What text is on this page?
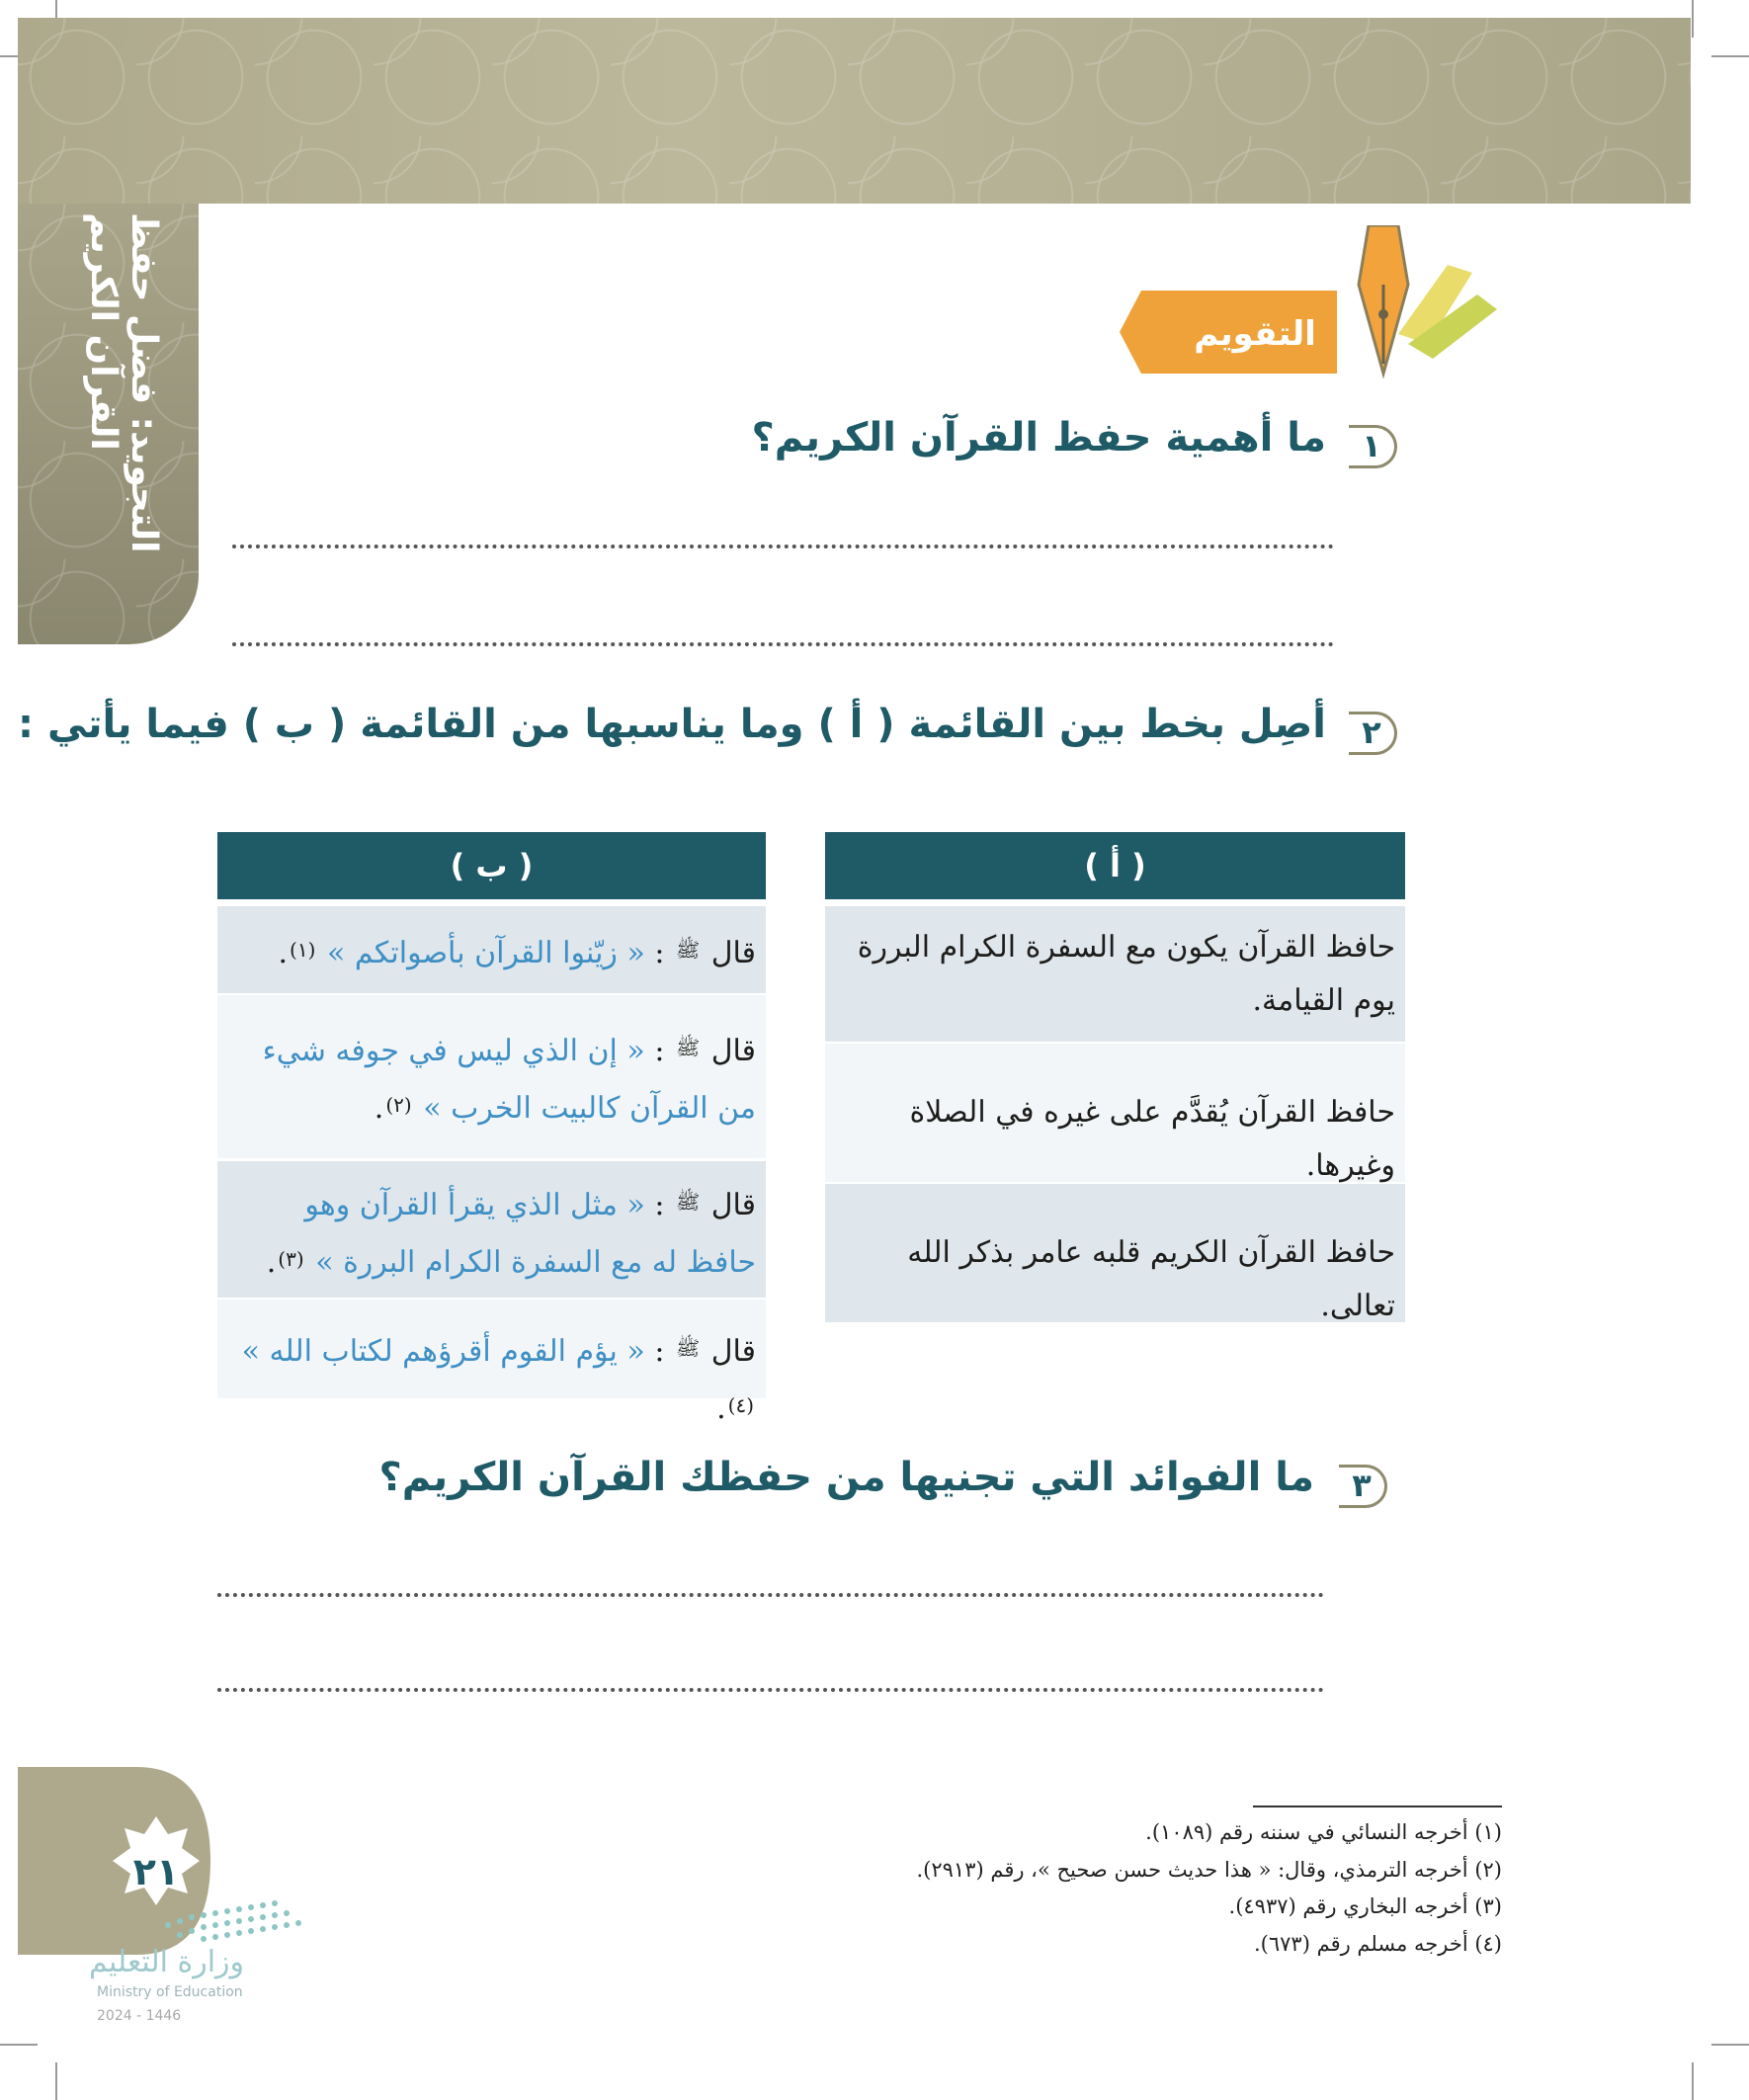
التجويد: فضل حفظ القرآن الكريم	التقويم
١
ما أهمية حفظ القرآن الكريم؟
٢
أصِل بخط بين القائمة ( أ ) وما يناسبها من القائمة ( ب ) فيما يأتي :
( ب )
قال $^ﷺ$ : « زيّنوا القرآن بأصواتكم » $^{(١)}$.
قال $^ﷺ$ : « إن الذي ليس في جوفه شيء من القرآن كالبيت الخرب » $^{(٢)}$.
قال $^ﷺ$ : « مثل الذي يقرأ القرآن وهو حافظ له مع السفرة الكرام البررة » $^{(٣)}$.
قال $^ﷺ$ : « يؤم القوم أقرؤهم لكتاب الله » $^{(٤)}$.
( أ )
حافظ القرآن يكون مع السفرة الكرام البررة يوم القيامة.
حافظ القرآن يُقدَّم على غيره في الصلاة وغيرها.
حافظ القرآن الكريم قلبه عامر بذكر الله تعالى.
٣
ما الفوائد التي تجنيها من حفظك القرآن الكريم؟
(١) أخرجه النسائي في سننه رقم (١٠٨٩).
(٢) أخرجه الترمذي، وقال: « هذا حديث حسن صحيح »، رقم (٢٩١٣).
(٣) أخرجه البخاري رقم (٤٩٣٧).
(٤) أخرجه مسلم رقم (٦٧٣).
٢١
وزارة التعليم
Ministry of Education
2024 - 1446
